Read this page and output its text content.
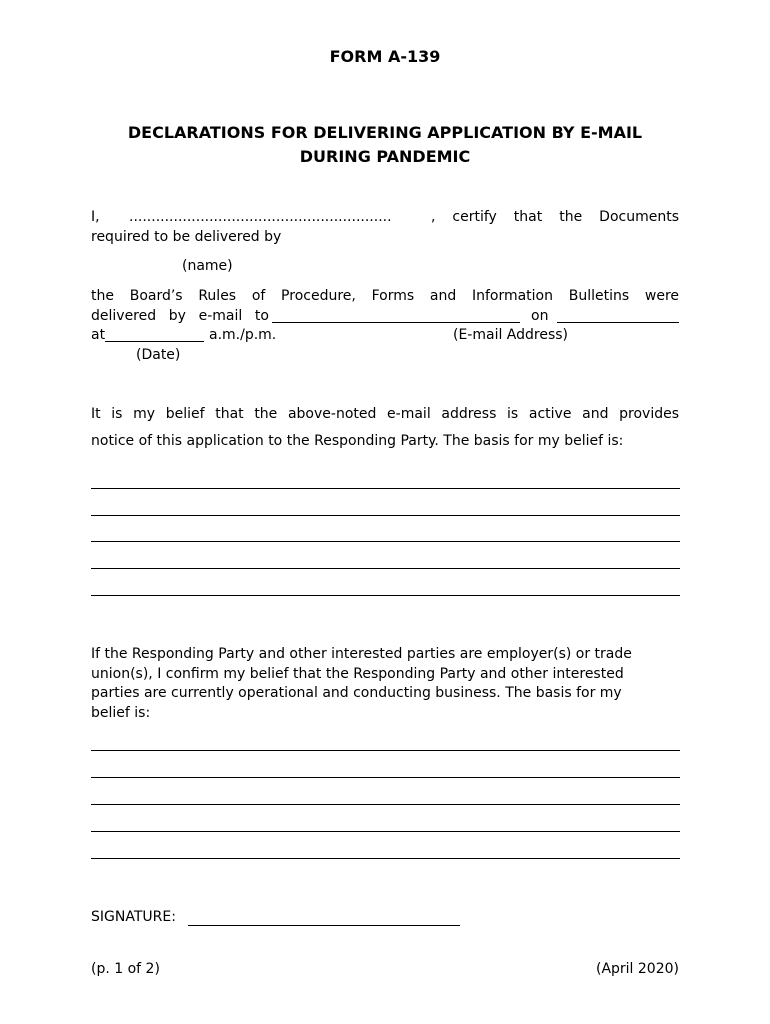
FORM A-139
DECLARATIONS FOR DELIVERING APPLICATION BY E-MAIL
DURING PANDEMIC
I, ...........................................................	, certify that the Documents
required to be delivered by
(name)
the Board’s Rules of Procedure, Forms and Information Bulletins were
delivered by e-mail to	on
at	a.m./p.m.	(E-mail Address)
(Date)
It is my belief that the above-noted e-mail address is active and provides
notice of this application to the Responding Party. The basis for my belief is:
If the Responding Party and other interested parties are employer(s) or trade
union(s), I confirm my belief that the Responding Party and other interested
parties are currently operational and conducting business. The basis for my
belief is:
SIGNATURE:
(p. 1 of 2)	(April 2020)
